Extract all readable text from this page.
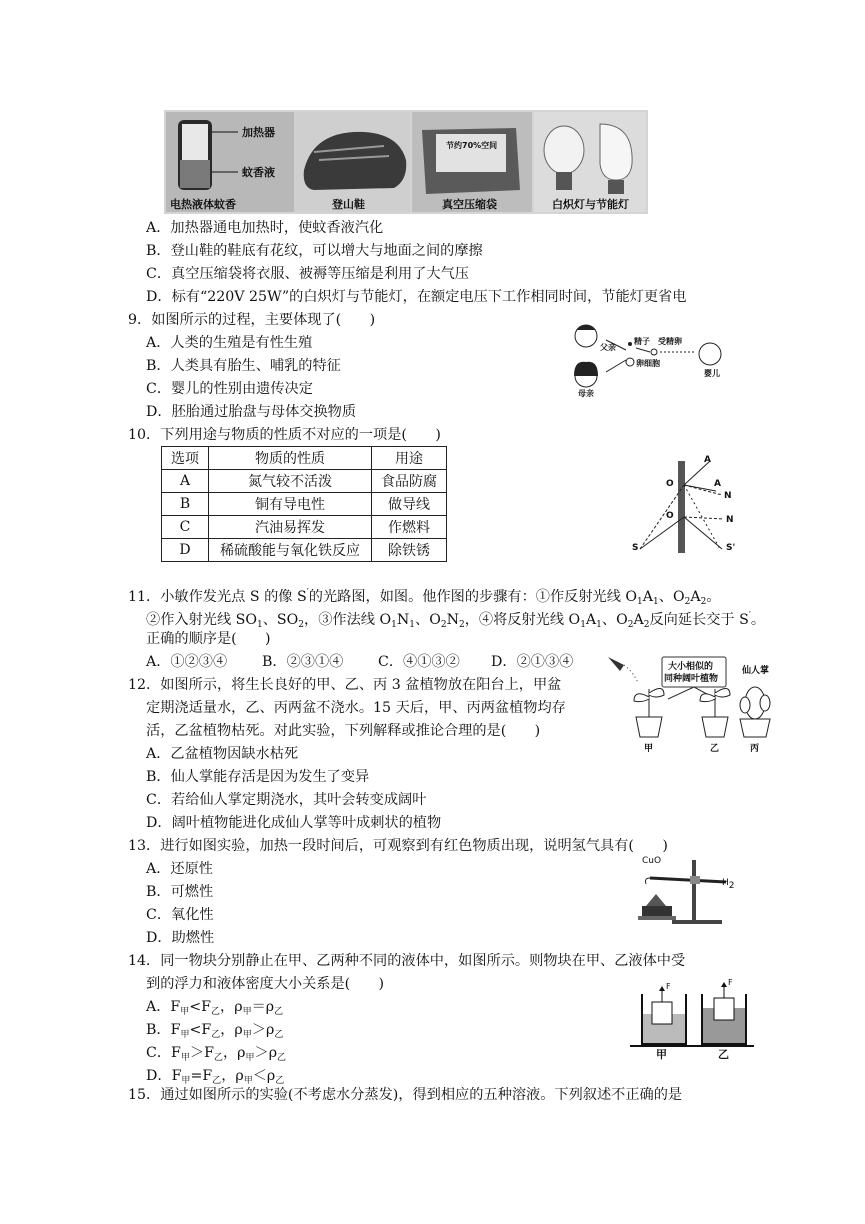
加热器
蚊香液
电热液体蚊香	登山鞋
节约70%空间
真空压缩袋	白炽灯与节能灯
A．加热器通电加热时，使蚊香液汽化
B．登山鞋的鞋底有花纹，可以增大与地面之间的摩擦
C．真空压缩袋将衣服、被褥等压缩是利用了大气压
D．标有“220V 25W”的白炽灯与节能灯，在额定电压下工作相同时间，节能灯更省电
9．如图所示的过程，主要体现了(　　)
A．人类的生殖是有性生殖
B．人类具有胎生、哺乳的特征
C．婴儿的性别由遗传决定
D．胚胎通过胎盘与母体交换物质
父亲
母亲
精子 受精卵
卵细胞
婴儿
10．下列用途与物质的性质不对应的一项是(　　)
选项	物质的性质	用途
A	氮气较不活泼	食品防腐
B	铜有导电性	做导线
C	汽油易挥发	作燃料
D	稀硫酸能与氧化铁反应	除铁锈
A
A
O
N
O	N
S	S'
11．小敏作发光点 S 的像 S′的光路图，如图。他作图的步骤有：①作反射光线 $O_1A_1$、$O_2A_2$。
②作入射光线 $SO_1$、$SO_2$，③作法线 $O_1N_1$、$O_2N_2$，④将反射光线 $O_1A_1$、$O_2A_2$反向延长交于 S′。
正确的顺序是(　　)
A．①②③④ B．②③①④ C．④①③② D．②①③④
12．如图所示，将生长良好的甲、乙、丙 3 盆植物放在阳台上，甲盆
定期浇适量水，乙、丙两盆不浇水。15 天后，甲、丙两盆植物均存
活，乙盆植物枯死。对此实验，下列解释或推论合理的是(　　)
A．乙盆植物因缺水枯死
B．仙人掌能存活是因为发生了变异
C．若给仙人掌定期浇水，其叶会转变成阔叶
D．阔叶植物能进化成仙人掌等叶成刺状的植物
大小相似的
同种阔叶植物
仙人掌
甲	乙	丙
13．进行如图实验，加热一段时间后，可观察到有红色物质出现，说明氢气具有(　　)
A．还原性
B．可燃性
C．氧化性
D．助燃性
CuO
H2
14．同一物块分别静止在甲、乙两种不同的液体中，如图所示。则物块在甲、乙液体中受
到的浮力和液体密度大小关系是(　　)
A．$F_甲<F_乙$，$\rho_甲=\rho_乙$
B．$F_甲<F_乙$，$\rho_甲>\rho_乙$
C．$F_甲>F_乙$，$\rho_甲>\rho_乙$
D．$F_甲=F_乙$，$\rho_甲<\rho_乙$
F	F
甲	乙
15．通过如图所示的实验(不考虑水分蒸发)，得到相应的五种溶液。下列叙述不正确的是
